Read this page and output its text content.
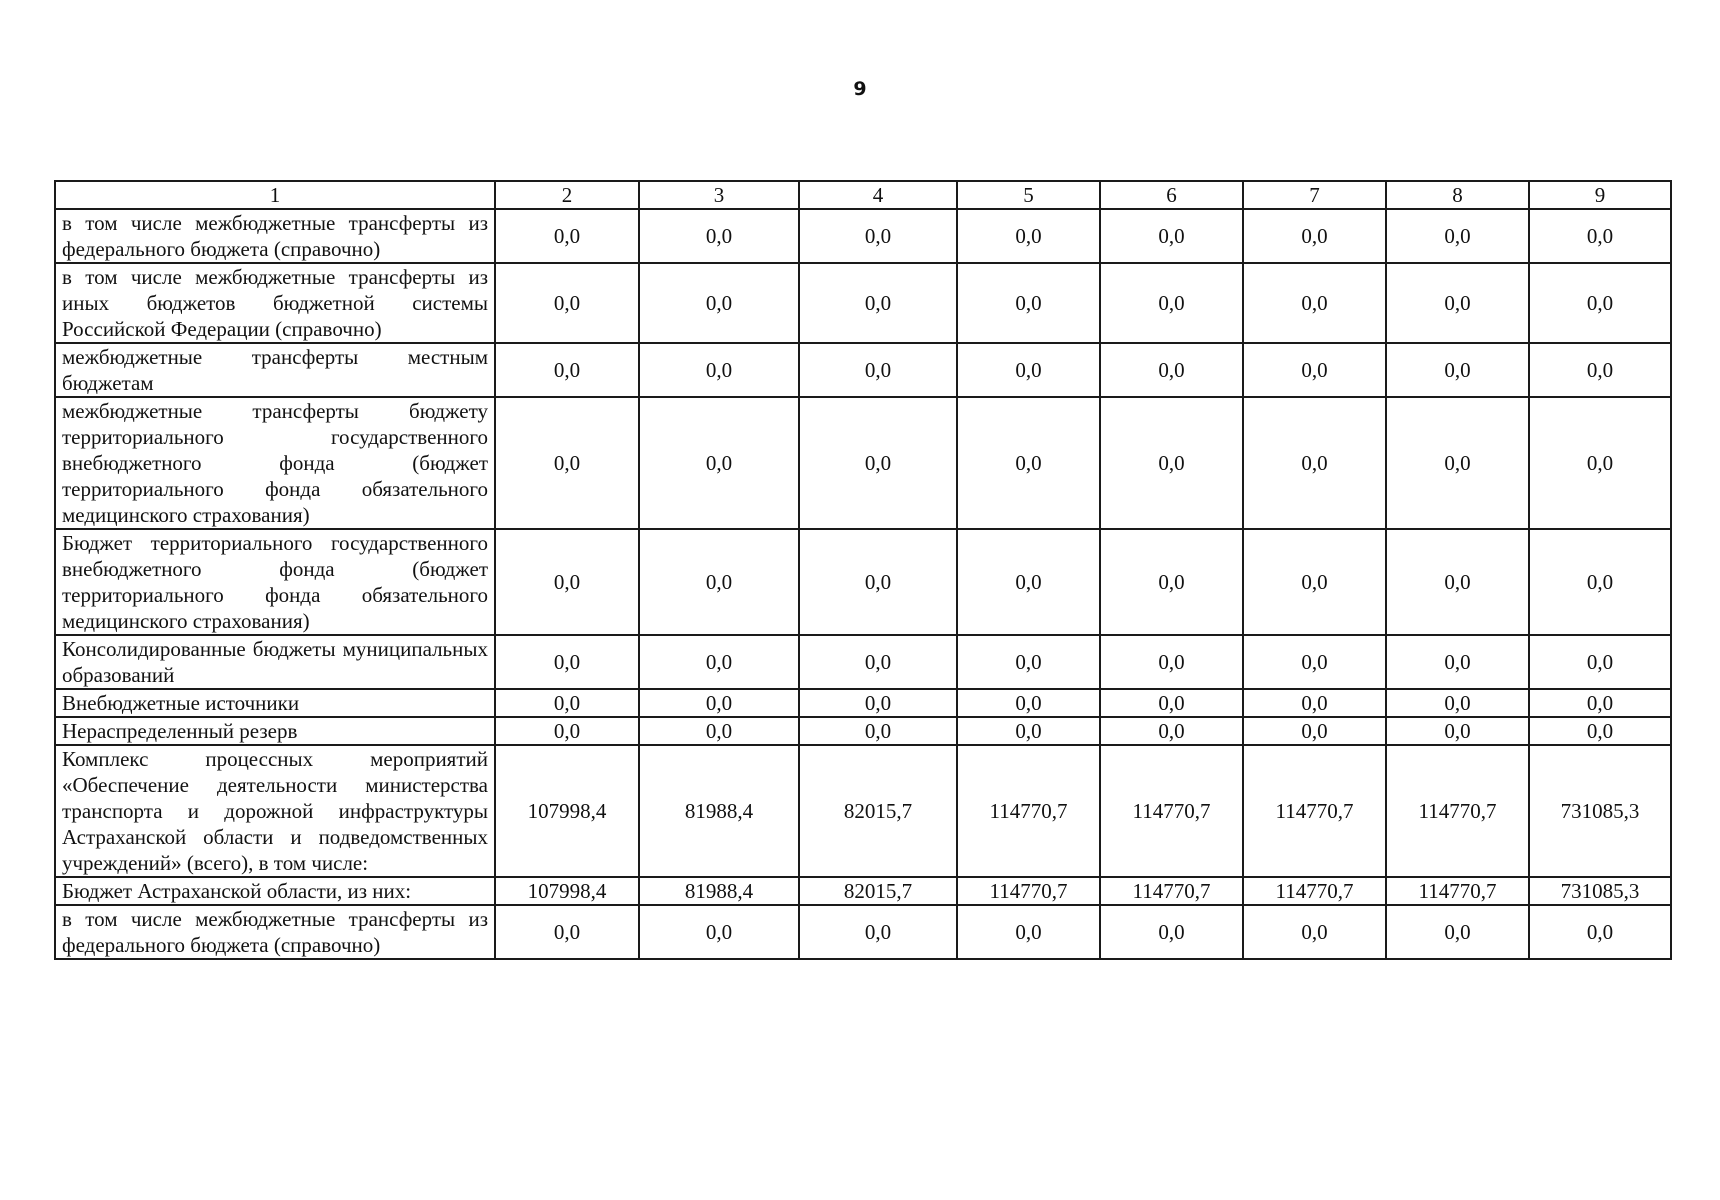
9
1	2	3	4	5	6	7	8	9
в том числе межбюджетные трансферты из федерального бюджета (справочно)	0,0	0,0	0,0	0,0	0,0	0,0	0,0	0,0
в том числе межбюджетные трансферты из иных бюджетов бюджетной системы Российской Федерации (справочно)	0,0	0,0	0,0	0,0	0,0	0,0	0,0	0,0
межбюджетные трансферты местным бюджетам	0,0	0,0	0,0	0,0	0,0	0,0	0,0	0,0
межбюджетные трансферты бюджету территориального государственного внебюджетного фонда (бюджет территориального фонда обязательного медицинского страхования)	0,0	0,0	0,0	0,0	0,0	0,0	0,0	0,0
Бюджет территориального государственного внебюджетного фонда (бюджет территориального фонда обязательного медицинского страхования)	0,0	0,0	0,0	0,0	0,0	0,0	0,0	0,0
Консолидированные бюджеты муниципальных образований	0,0	0,0	0,0	0,0	0,0	0,0	0,0	0,0
Внебюджетные источники	0,0	0,0	0,0	0,0	0,0	0,0	0,0	0,0
Нераспределенный резерв	0,0	0,0	0,0	0,0	0,0	0,0	0,0	0,0
Комплекс процессных мероприятий «Обеспечение деятельности министерства транспорта и дорожной инфраструктуры Астраханской области и подведомственных учреждений» (всего), в том числе:	107998,4	81988,4	82015,7	114770,7	114770,7	114770,7	114770,7	731085,3
Бюджет Астраханской области, из них:	107998,4	81988,4	82015,7	114770,7	114770,7	114770,7	114770,7	731085,3
в том числе межбюджетные трансферты из федерального бюджета (справочно)	0,0	0,0	0,0	0,0	0,0	0,0	0,0	0,0
